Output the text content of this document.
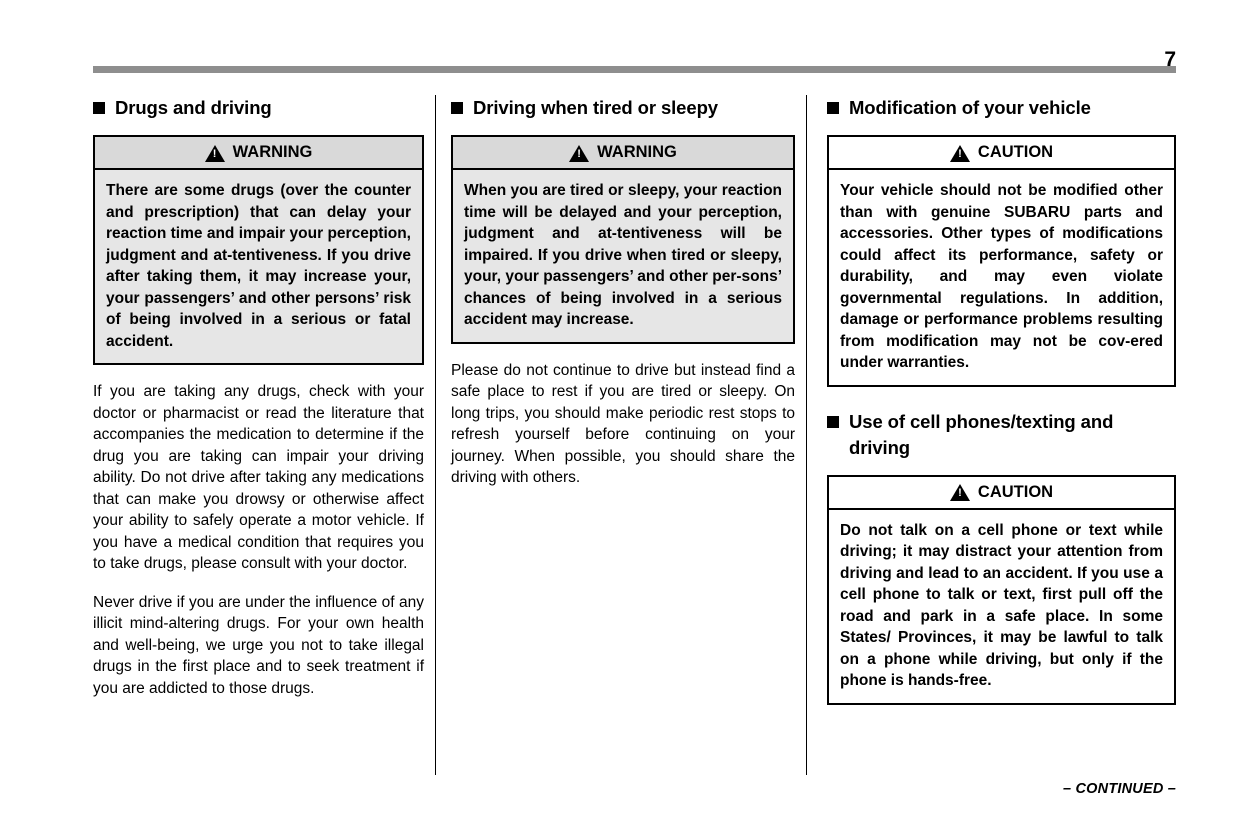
7
Drugs and driving
!
WARNING
There are some drugs (over the counter and prescription) that can delay your reaction time and impair your perception, judgment and at-tentiveness. If you drive after taking them, it may increase your, your passengers’ and other persons’ risk of being involved in a serious or fatal accident.

If you are taking any drugs, check with your doctor or pharmacist or read the literature that accompanies the medication to determine if the drug you are taking can impair your driving ability. Do not drive after taking any medications that can make you drowsy or otherwise affect your ability to safely operate a motor vehicle. If you have a medical condition that requires you to take drugs, please consult with your doctor.

Never drive if you are under the influence of any illicit mind-altering drugs. For your own health and well-being, we urge you not to take illegal drugs in the first place and to seek treatment if you are addicted to those drugs.

Driving when tired or sleepy
!
WARNING
When you are tired or sleepy, your reaction time will be delayed and your perception, judgment and at-tentiveness will be impaired. If you drive when tired or sleepy, your, your passengers’ and other per-sons’ chances of being involved in a serious accident may increase.

Please do not continue to drive but instead find a safe place to rest if you are tired or sleepy. On long trips, you should make periodic rest stops to refresh yourself before continuing on your journey. When possible, you should share the driving with others.

Modification of your vehicle
!
CAUTION
Your vehicle should not be modified other than with genuine SUBARU parts and accessories. Other types of modifications could affect its performance, safety or durability, and may even violate governmental regulations. In addition, damage or performance problems resulting from modification may not be cov-ered under warranties.
Use of cell phones/texting and driving
!
CAUTION
Do not talk on a cell phone or text while driving; it may distract your attention from driving and lead to an accident. If you use a cell phone to talk or text, first pull off the road and park in a safe place. In some States/ Provinces, it may be lawful to talk on a phone while driving, but only if the phone is hands-free.
– CONTINUED –
